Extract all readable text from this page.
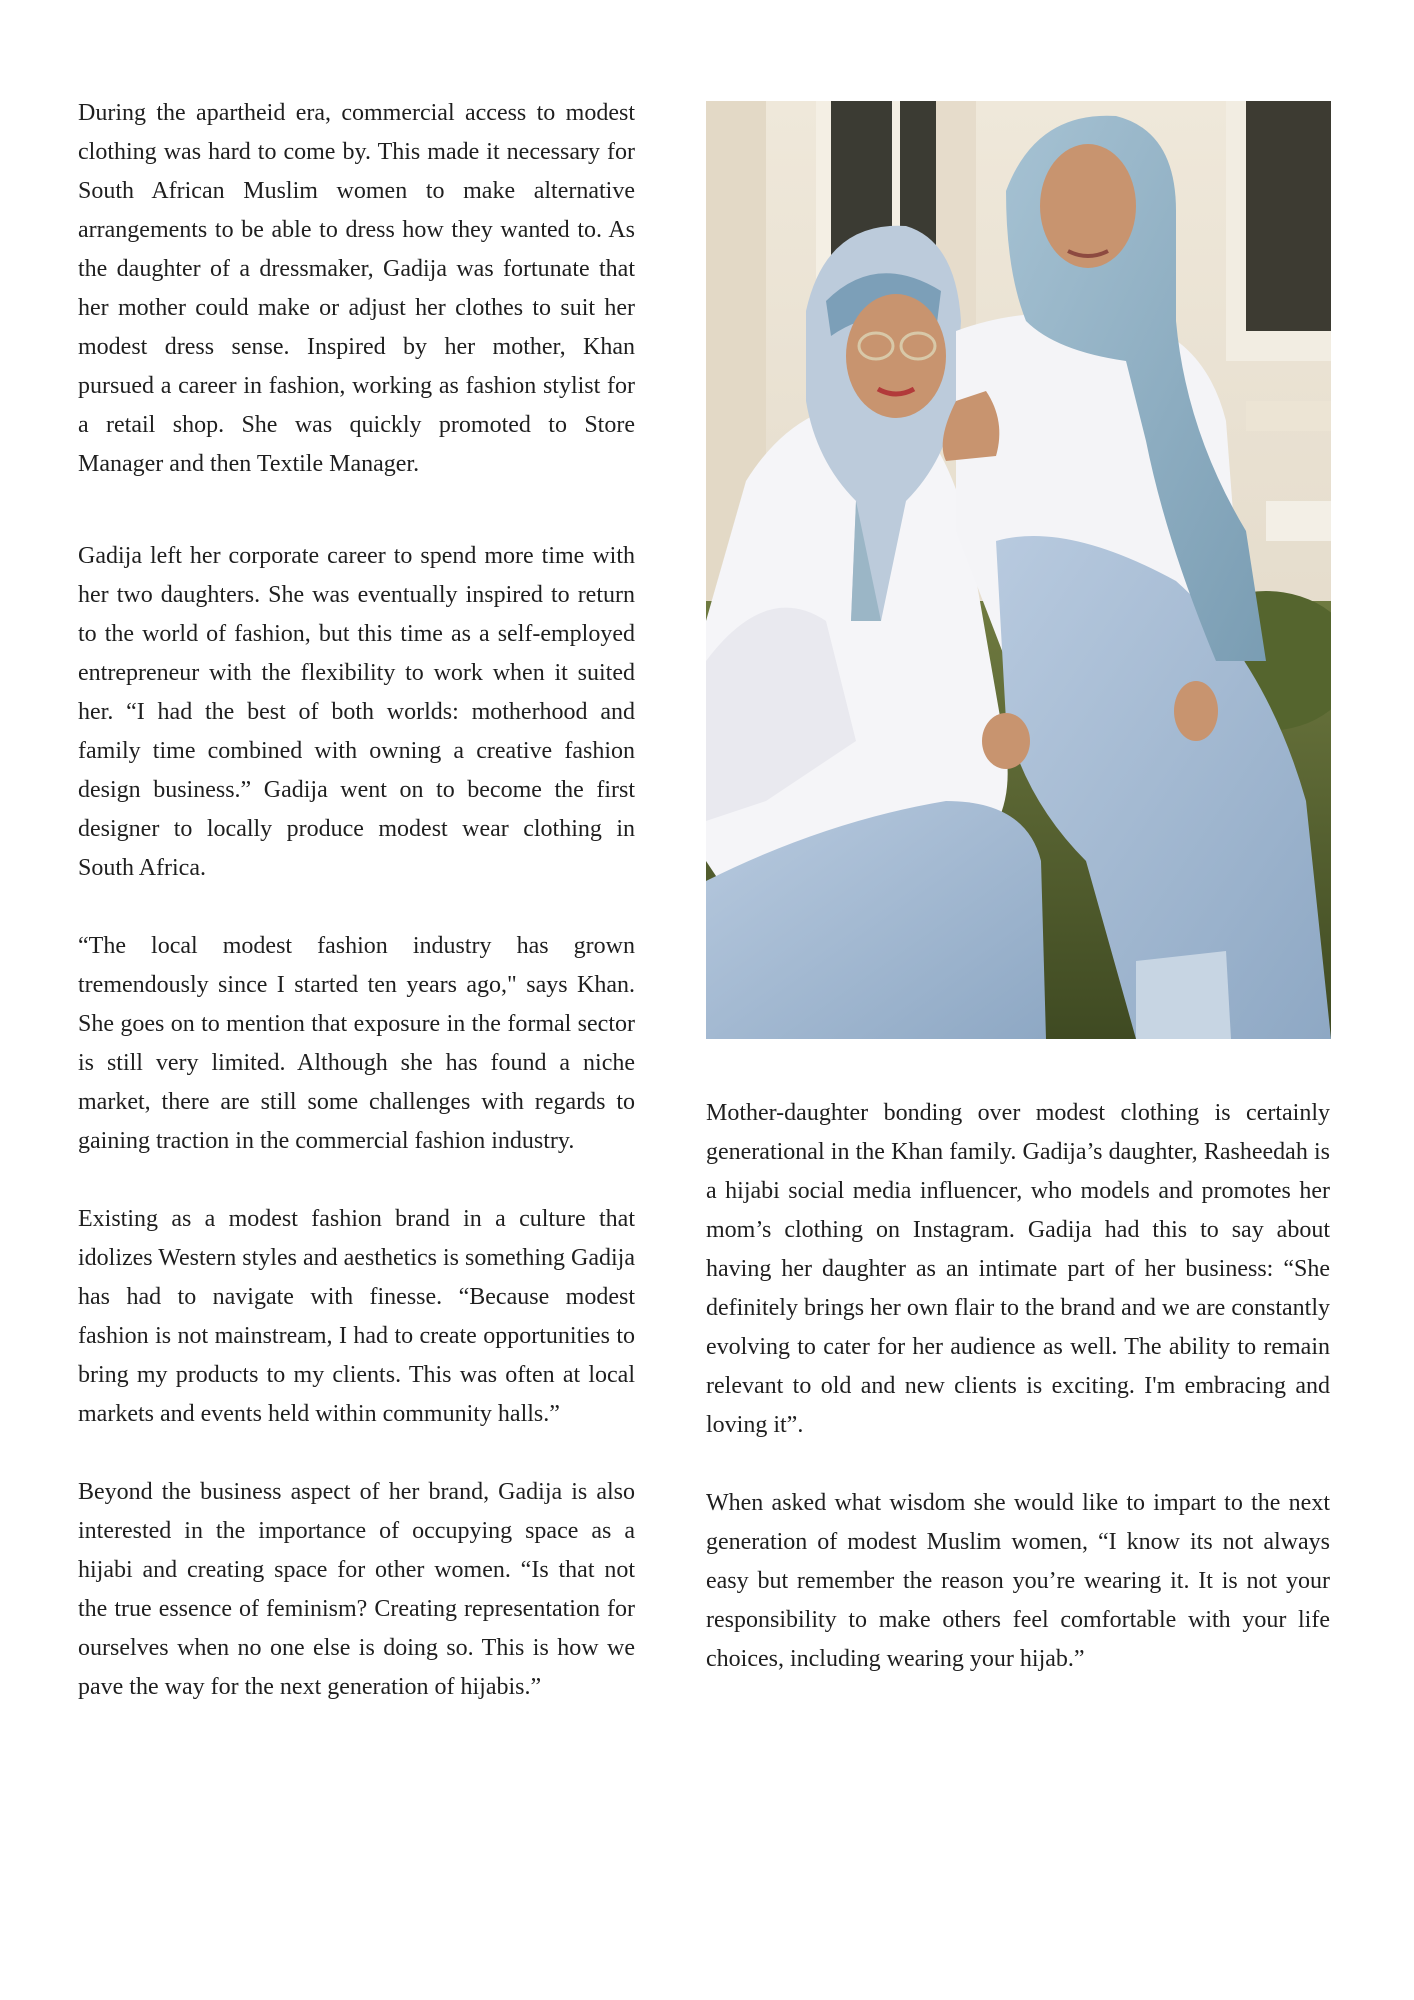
During the apartheid era, commercial access to modest clothing was hard to come by. This made it necessary for South African Muslim women to make alternative arrangements to be able to dress how they wanted to. As the daughter of a dressmaker, Gadija was fortunate that her mother could make or adjust her clothes to suit her modest dress sense. Inspired by her mother, Khan pursued a career in fashion, working as fashion stylist for a retail shop. She was quickly promoted to Store Manager and then Textile Manager.

Gadija left her corporate career to spend more time with her two daughters. She was eventually inspired to return to the world of fashion, but this time as a self-employed entrepreneur with the flexibility to work when it suited her. “I had the best of both worlds: motherhood and family time combined with owning a creative fashion design business.” Gadija went on to become the first designer to locally produce modest wear clothing in South Africa.

“The local modest fashion industry has grown tremendously since I started ten years ago," says Khan. She goes on to mention that exposure in the formal sector is still very limited. Although she has found a niche market, there are still some challenges with regards to gaining traction in the commercial fashion industry.

Existing as a modest fashion brand in a culture that idolizes Western styles and aesthetics is something Gadija has had to navigate with finesse. “Because modest fashion is not mainstream, I had to create opportunities to bring my products to my clients. This was often at local markets and events held within community halls.”

Beyond the business aspect of her brand, Gadija is also interested in the importance of occupying space as a hijabi and creating space for other women. “Is that not the true essence of feminism? Creating representation for ourselves when no one else is doing so. This is how we pave the way for the next generation of hijabis.”

Mother-daughter bonding over modest clothing is certainly generational in the Khan family. Gadija’s daughter, Rasheedah is a hijabi social media influencer, who models and promotes her mom’s clothing on Instagram. Gadija had this to say about having her daughter as an intimate part of her business: “She definitely brings her own flair to the brand and we are constantly evolving to cater for her audience as well. The ability to remain relevant to old and new clients is exciting. I'm embracing and loving it”.

When asked what wisdom she would like to impart to the next generation of modest Muslim women, “I know its not always easy but remember the reason you’re wearing it. It is not your responsibility to make others feel comfortable with your life choices, including wearing your hijab.”
